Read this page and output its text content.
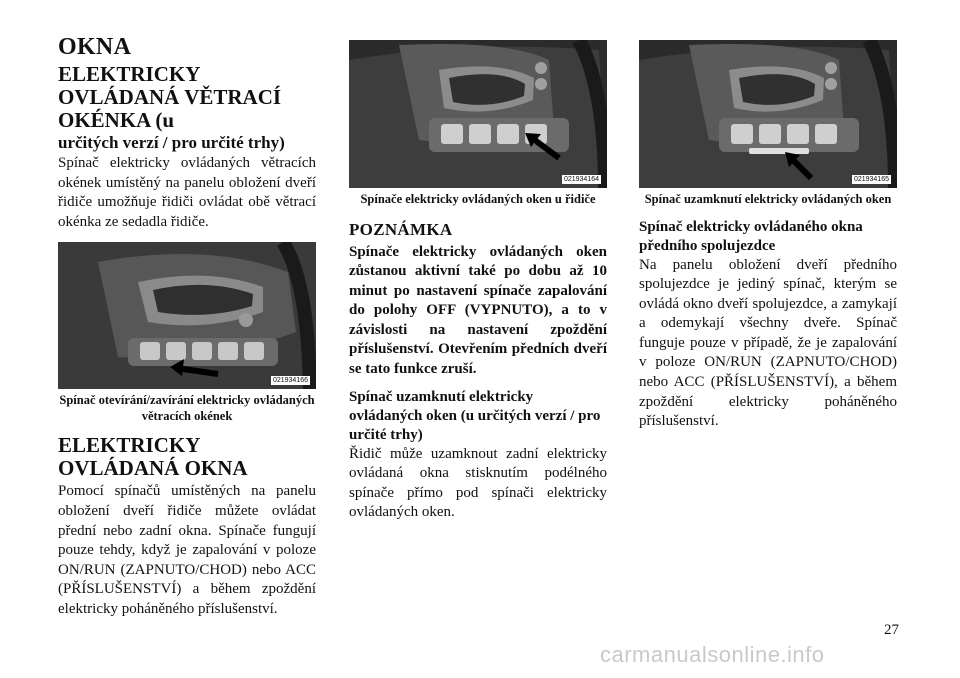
OKNA
ELEKTRICKY OVLÁDANÁ VĚTRACÍ OKÉNKA (u
určitých verzí / pro určité trhy)

Spínač elektricky ovládaných větracích okének umístěný na panelu obložení dveří řidiče umožňuje řidiči ovládat obě větrací okénka ze sedadla řidiče.

021934166
Spínač otevírání/zavírání elektricky ovládaných větracích okének
ELEKTRICKY OVLÁDANÁ OKNA

Pomocí spínačů umístěných na panelu obložení dveří řidiče můžete ovládat přední nebo zadní okna. Spínače fungují pouze tehdy, když je zapalování v poloze ON/RUN (ZAPNUTO/CHOD) nebo ACC (PŘÍSLUŠENSTVÍ) a během zpoždění elektricky poháněného příslušenství.

021934164
Spínače elektricky ovládaných oken u řidiče
POZNÁMKA
Spínače elektricky ovládaných oken zůstanou aktivní také po dobu až 10 minut po nastavení spínače zapalování do polohy OFF (VYPNUTO), a to v závislosti na nastavení zpoždění příslušenství. Otevřením předních dveří se tato funkce zruší.
Spínač uzamknutí elektricky ovládaných oken (u určitých verzí / pro určité trhy)

Řidič může uzamknout zadní elektricky ovládaná okna stisknutím podélného spínače přímo pod spínači elektricky ovládaných oken.

021934165
Spínač uzamknutí elektricky ovládaných oken
Spínač elektricky ovládaného okna předního spolujezdce

Na panelu obložení dveří předního spolujezdce je jediný spínač, kterým se ovládá okno dveří spolujezdce, a zamykají a odemykají všechny dveře. Spínač funguje pouze v případě, že je zapalování v poloze ON/RUN (ZAPNUTO/CHOD) nebo ACC (PŘÍSLUŠENSTVÍ), a během zpoždění elektricky poháněného příslušenství.

27
carmanualsonline.info
